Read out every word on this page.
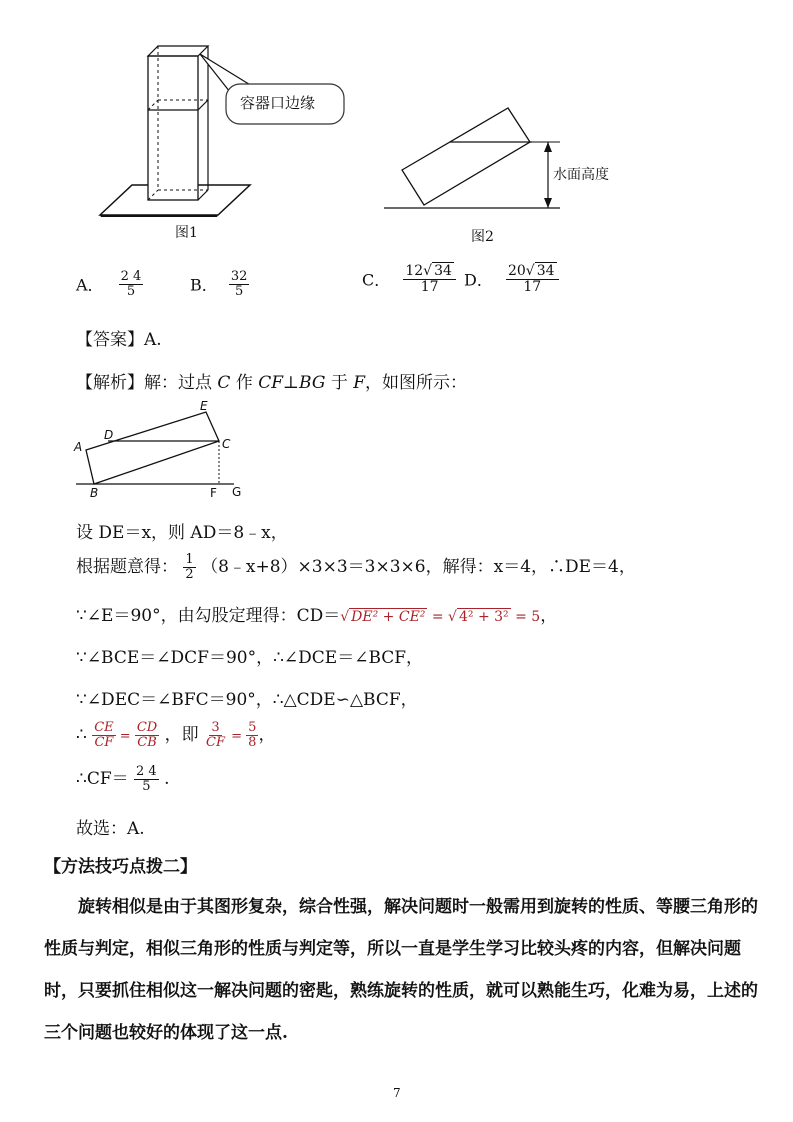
容器口边缘
图1
水面高度
图2
A． $\frac{2 4}{5}$	B． $\frac{32}{5}$	C． $\frac{12√ 34}{17}$ D． $\frac{20√ 34}{17}$
【答案】A.
【解析】解：过点 C 作 CF⊥BG 于 F，如图所示：
A
B
C
D
E
F G
设 DE＝x，则 AD＝8﹣x，
根据题意得： $\frac{1}{2}$ （8﹣x+8）×3×3＝3×3×6，解得：x＝4，∴DE＝4，
∵∠E＝90°，由勾股定理得：CD＝√ DE² + CE² = √ 4² + 3² = 5，
∵∠BCE＝∠DCF＝90°，∴∠DCE＝∠BCF，
∵∠DEC＝∠BFC＝90°，∴△CDE∽△BCF，
∴ $\frac{CE}{CF} = \frac{CD}{CB}$ ，即 $\frac{3}{CF} = \frac{5}{8}$ ，
∴CF＝ $\frac{2 4}{5}$ .
故选：A.
【方法技巧点拨二】
旋转相似是由于其图形复杂，综合性强，解决问题时一般需用到旋转的性质、等腰三角形的性质与判定，相似三角形的性质与判定等，所以一直是学生学习比较头疼的内容，但解决问题时，只要抓住相似这一解决问题的密匙，熟练旋转的性质，就可以熟能生巧，化难为易，上述的三个问题也较好的体现了这一点.
7
